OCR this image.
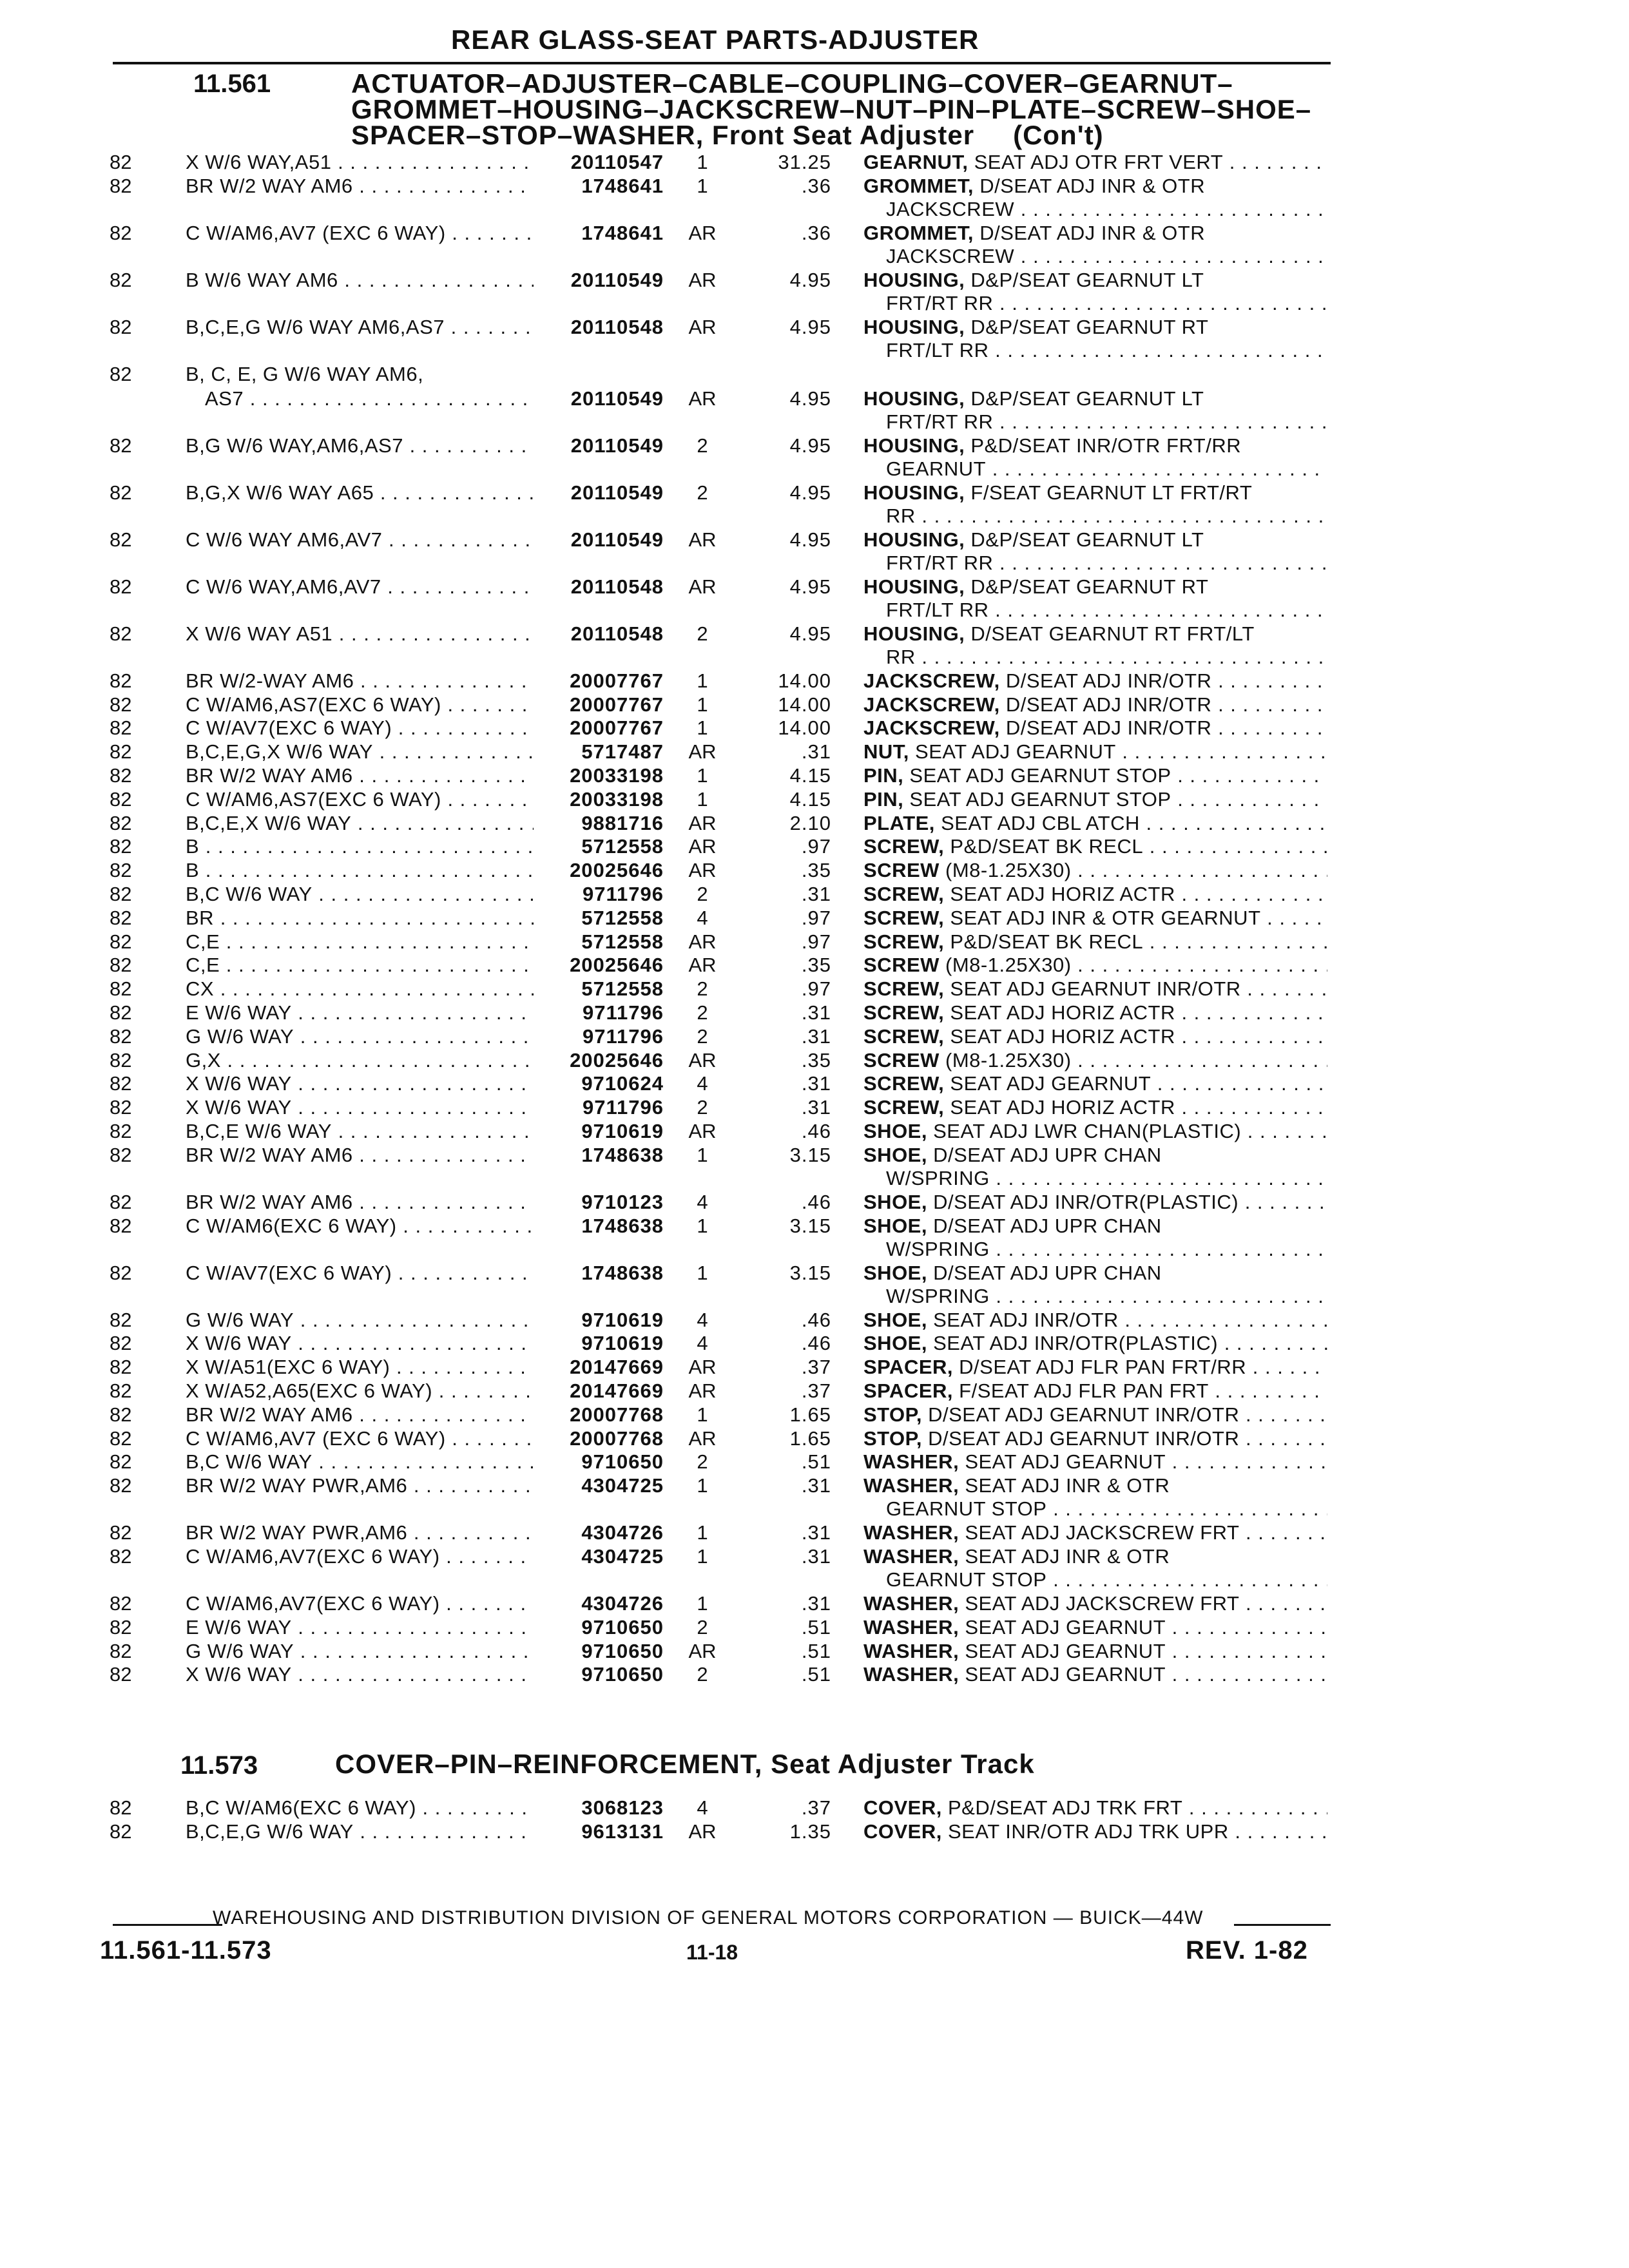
REAR GLASS-SEAT PARTS-ADJUSTER
11.561	ACTUATOR–ADJUSTER–CABLE–COUPLING–COVER–GEARNUT–
GROMMET–HOUSING–JACKSCREW–NUT–PIN–PLATE–SCREW–SHOE–
SPACER–STOP–WASHER, Front Seat Adjuster (Con't)
82	X W/6 WAY,A51 . . .	20110547	1	31.25 GEARNUT, SEAT ADJ OTR FRT VERT . . .
82	BR W/2 WAY AM6 . . .	1748641	1	.36 GROMMET, D/SEAT ADJ INR & OTR
JACKSCREW . . .
82	C W/AM6,AV7 (EXC 6 WAY) . . .	1748641	AR	.36 GROMMET, D/SEAT ADJ INR & OTR
JACKSCREW . . .
82	B W/6 WAY AM6 . . .	20110549	AR	4.95 HOUSING, D&P/SEAT GEARNUT LT
FRT/RT RR . . .
82	B,C,E,G W/6 WAY AM6,AS7 . . .	20110548	AR	4.95 HOUSING, D&P/SEAT GEARNUT RT
FRT/LT RR . . .
82	B, C, E, G W/6 WAY AM6,
AS7 . . .	20110549	AR	4.95 HOUSING, D&P/SEAT GEARNUT LT
FRT/RT RR . . .
82	B,G W/6 WAY,AM6,AS7 . . .	20110549	2	4.95 HOUSING, P&D/SEAT INR/OTR FRT/RR
GEARNUT . . .
82	B,G,X W/6 WAY A65 . . .	20110549	2	4.95 HOUSING, F/SEAT GEARNUT LT FRT/RT
RR . . .
82	C W/6 WAY AM6,AV7 . . .	20110549	AR	4.95 HOUSING, D&P/SEAT GEARNUT LT
FRT/RT RR . . .
82	C W/6 WAY,AM6,AV7 . . .	20110548	AR	4.95 HOUSING, D&P/SEAT GEARNUT RT
FRT/LT RR . . .
82	X W/6 WAY A51 . . .	20110548	2	4.95 HOUSING, D/SEAT GEARNUT RT FRT/LT
RR . . .
82	BR W/2-WAY AM6 . . .	20007767	1	14.00 JACKSCREW, D/SEAT ADJ INR/OTR . . .
82	C W/AM6,AS7(EXC 6 WAY) . . .	20007767	1	14.00 JACKSCREW, D/SEAT ADJ INR/OTR . . .
82	C W/AV7(EXC 6 WAY) . . .	20007767	1	14.00 JACKSCREW, D/SEAT ADJ INR/OTR . . .
82	B,C,E,G,X W/6 WAY . . .	5717487	AR	.31 NUT, SEAT ADJ GEARNUT . . .
82	BR W/2 WAY AM6 . . .	20033198	1	4.15 PIN, SEAT ADJ GEARNUT STOP . . .
82	C W/AM6,AS7(EXC 6 WAY) . . .	20033198	1	4.15 PIN, SEAT ADJ GEARNUT STOP . . .
82	B,C,E,X W/6 WAY . . .	9881716	AR	2.10 PLATE, SEAT ADJ CBL ATCH . . .
82	B . . .	5712558	AR	.97 SCREW, P&D/SEAT BK RECL . . .
82	B . . .	20025646	AR	.35 SCREW (M8-1.25X30) . . .
82	B,C W/6 WAY . . .	9711796	2	.31 SCREW, SEAT ADJ HORIZ ACTR . . .
82	BR . . .	5712558	4	.97 SCREW, SEAT ADJ INR & OTR GEARNUT . . .
82	C,E . . .	5712558	AR	.97 SCREW, P&D/SEAT BK RECL . . .
82	C,E . . .	20025646	AR	.35 SCREW (M8-1.25X30) . . .
82	CX . . .	5712558	2	.97 SCREW, SEAT ADJ GEARNUT INR/OTR . . .
82	E W/6 WAY . . .	9711796	2	.31 SCREW, SEAT ADJ HORIZ ACTR . . .
82	G W/6 WAY . . .	9711796	2	.31 SCREW, SEAT ADJ HORIZ ACTR . . .
82	G,X . . .	20025646	AR	.35 SCREW (M8-1.25X30) . . .
82	X W/6 WAY . . .	9710624	4	.31 SCREW, SEAT ADJ GEARNUT . . .
82	X W/6 WAY . . .	9711796	2	.31 SCREW, SEAT ADJ HORIZ ACTR . . .
82	B,C,E W/6 WAY . . .	9710619	AR	.46 SHOE, SEAT ADJ LWR CHAN(PLASTIC) . . .
82	BR W/2 WAY AM6 . . .	1748638	1	3.15 SHOE, D/SEAT ADJ UPR CHAN
W/SPRING . . .
82	BR W/2 WAY AM6 . . .	9710123	4	.46 SHOE, D/SEAT ADJ INR/OTR(PLASTIC) . . .
82	C W/AM6(EXC 6 WAY) . . .	1748638	1	3.15 SHOE, D/SEAT ADJ UPR CHAN
W/SPRING . . .
82	C W/AV7(EXC 6 WAY) . . .	1748638	1	3.15 SHOE, D/SEAT ADJ UPR CHAN
W/SPRING . . .
82	G W/6 WAY . . .	9710619	4	.46 SHOE, SEAT ADJ INR/OTR . . .
82	X W/6 WAY . . .	9710619	4	.46 SHOE, SEAT ADJ INR/OTR(PLASTIC) . . .
82	X W/A51(EXC 6 WAY) . . .	20147669	AR	.37 SPACER, D/SEAT ADJ FLR PAN FRT/RR . . .
82	X W/A52,A65(EXC 6 WAY) . . .	20147669	AR	.37 SPACER, F/SEAT ADJ FLR PAN FRT . . .
82	BR W/2 WAY AM6 . . .	20007768	1	1.65 STOP, D/SEAT ADJ GEARNUT INR/OTR . . .
82	C W/AM6,AV7 (EXC 6 WAY) . . .	20007768	AR	1.65 STOP, D/SEAT ADJ GEARNUT INR/OTR . . .
82	B,C W/6 WAY . . .	9710650	2	.51 WASHER, SEAT ADJ GEARNUT . . .
82	BR W/2 WAY PWR,AM6 . . .	4304725	1	.31 WASHER, SEAT ADJ INR & OTR
GEARNUT STOP . . .
82	BR W/2 WAY PWR,AM6 . . .	4304726	1	.31 WASHER, SEAT ADJ JACKSCREW FRT . . .
82	C W/AM6,AV7(EXC 6 WAY) . . .	4304725	1	.31 WASHER, SEAT ADJ INR & OTR
GEARNUT STOP . . .
82	C W/AM6,AV7(EXC 6 WAY) . . .	4304726	1	.31 WASHER, SEAT ADJ JACKSCREW FRT . . .
82	E W/6 WAY . . .	9710650	2	.51 WASHER, SEAT ADJ GEARNUT . . .
82	G W/6 WAY . . .	9710650	AR	.51 WASHER, SEAT ADJ GEARNUT . . .
82	X W/6 WAY . . .	9710650	2	.51 WASHER, SEAT ADJ GEARNUT . . .
11.573	COVER–PIN–REINFORCEMENT, Seat Adjuster Track
82	B,C W/AM6(EXC 6 WAY) . . .	3068123	4	.37 COVER, P&D/SEAT ADJ TRK FRT . . .
82	B,C,E,G W/6 WAY . . .	9613131	AR	1.35 COVER, SEAT INR/OTR ADJ TRK UPR . . .
WAREHOUSING AND DISTRIBUTION DIVISION OF GENERAL MOTORS CORPORATION — BUICK—44W
11.561-11.573	11-18	REV. 1-82
